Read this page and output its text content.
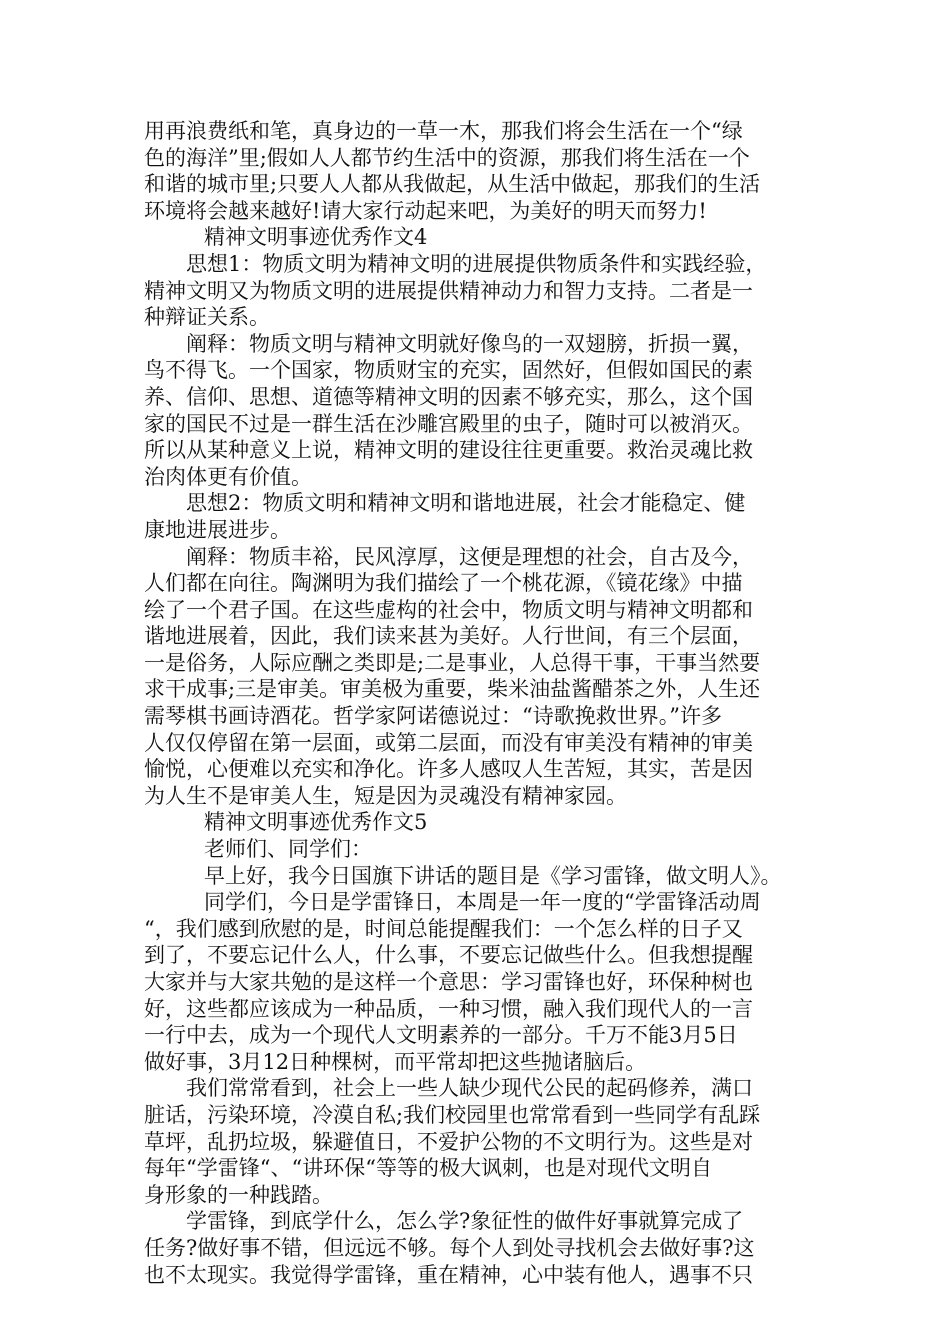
用再浪费纸和笔，真身边的一草一木，那我们将会生活在一个“绿
色的海洋”里;假如人人都节约生活中的资源，那我们将生活在一个
和谐的城市里;只要人人都从我做起，从生活中做起，那我们的生活
环境将会越来越好!请大家行动起来吧，为美好的明天而努力!
精神文明事迹优秀作文4
思想1：物质文明为精神文明的进展提供物质条件和实践经验，
精神文明又为物质文明的进展提供精神动力和智力支持。二者是一
种辩证关系。
阐释：物质文明与精神文明就好像鸟的一双翅膀，折损一翼，
鸟不得飞。一个国家，物质财宝的充实，固然好，但假如国民的素
养、信仰、思想、道德等精神文明的因素不够充实，那么，这个国
家的国民不过是一群生活在沙雕宫殿里的虫子，随时可以被消灭。
所以从某种意义上说，精神文明的建设往往更重要。救治灵魂比救
治肉体更有价值。
思想2：物质文明和精神文明和谐地进展，社会才能稳定、健
康地进展进步。
阐释：物质丰裕，民风淳厚，这便是理想的社会，自古及今，
人们都在向往。陶渊明为我们描绘了一个桃花源，《镜花缘》中描
绘了一个君子国。在这些虚构的社会中，物质文明与精神文明都和
谐地进展着，因此，我们读来甚为美好。人行世间，有三个层面，
一是俗务，人际应酬之类即是;二是事业，人总得干事，干事当然要
求干成事;三是审美。审美极为重要，柴米油盐酱醋茶之外，人生还
需琴棋书画诗酒花。哲学家阿诺德说过：“诗歌挽救世界。”许多
人仅仅停留在第一层面，或第二层面，而没有审美没有精神的审美
愉悦，心便难以充实和净化。许多人感叹人生苦短，其实，苦是因
为人生不是审美人生，短是因为灵魂没有精神家园。
精神文明事迹优秀作文5
老师们、同学们：
早上好，我今日国旗下讲话的题目是《学习雷锋，做文明人》。
同学们，今日是学雷锋日，本周是一年一度的“学雷锋活动周
“，我们感到欣慰的是，时间总能提醒我们：一个怎么样的日子又
到了，不要忘记什么人，什么事，不要忘记做些什么。但我想提醒
大家并与大家共勉的是这样一个意思：学习雷锋也好，环保种树也
好，这些都应该成为一种品质，一种习惯，融入我们现代人的一言
一行中去，成为一个现代人文明素养的一部分。千万不能3月5日
做好事，3月12日种棵树，而平常却把这些抛诸脑后。
我们常常看到，社会上一些人缺少现代公民的起码修养，满口
脏话，污染环境，冷漠自私;我们校园里也常常看到一些同学有乱踩
草坪，乱扔垃圾，躲避值日，不爱护公物的不文明行为。这些是对
每年“学雷锋“、“讲环保“等等的极大讽刺，也是对现代文明自
身形象的一种践踏。
学雷锋，到底学什么，怎么学?象征性的做件好事就算完成了
任务?做好事不错，但远远不够。每个人到处寻找机会去做好事?这
也不太现实。我觉得学雷锋，重在精神，心中装有他人，遇事不只
